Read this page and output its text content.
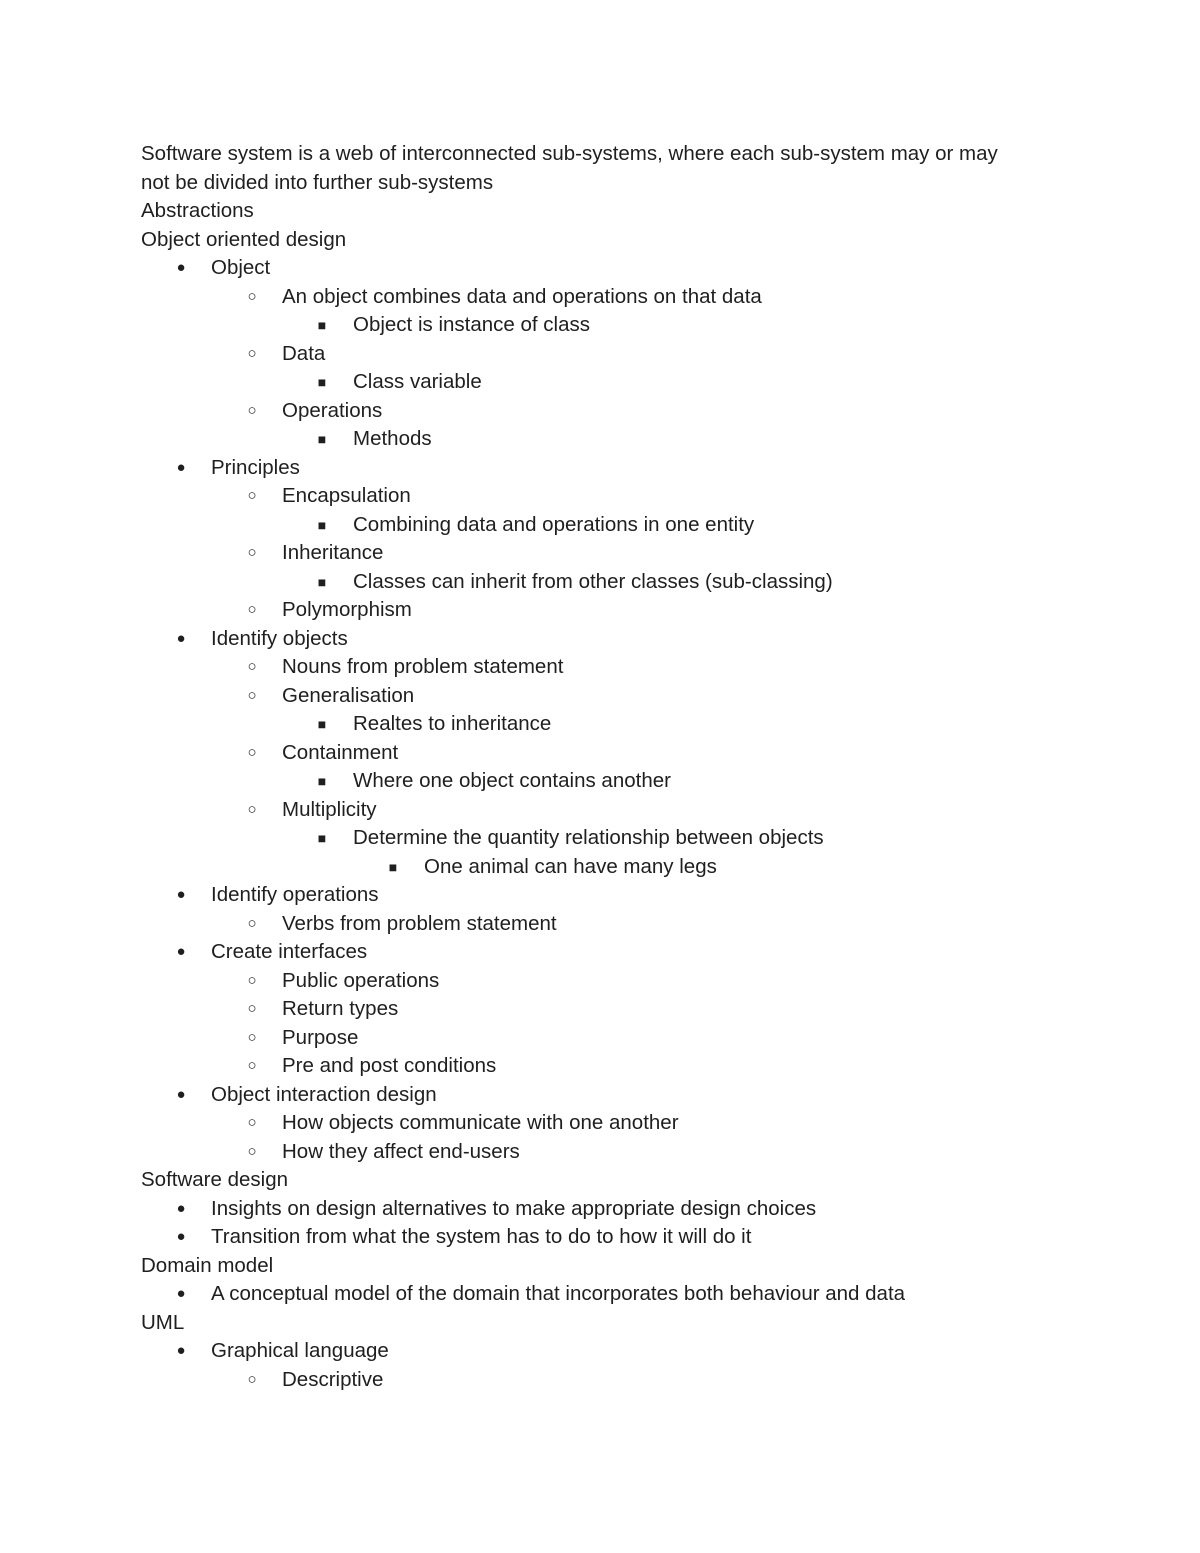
Software system is a web of interconnected sub-systems, where each sub-system may or may
not be divided into further sub-systems
Abstractions
Object oriented design
● Object
○ An object combines data and operations on that data
■ Object is instance of class
○ Data
■ Class variable
○ Operations
■ Methods
● Principles
○ Encapsulation
■ Combining data and operations in one entity
○ Inheritance
■ Classes can inherit from other classes (sub-classing)
○ Polymorphism
● Identify objects
○ Nouns from problem statement
○ Generalisation
■ Realtes to inheritance
○ Containment
■ Where one object contains another
○ Multiplicity
■ Determine the quantity relationship between objects
■ One animal can have many legs
● Identify operations
○ Verbs from problem statement
● Create interfaces
○ Public operations
○ Return types
○ Purpose
○ Pre and post conditions
● Object interaction design
○ How objects communicate with one another
○ How they affect end-users
Software design
● Insights on design alternatives to make appropriate design choices
● Transition from what the system has to do to how it will do it
Domain model
● A conceptual model of the domain that incorporates both behaviour and data
UML
● Graphical language
○ Descriptive
